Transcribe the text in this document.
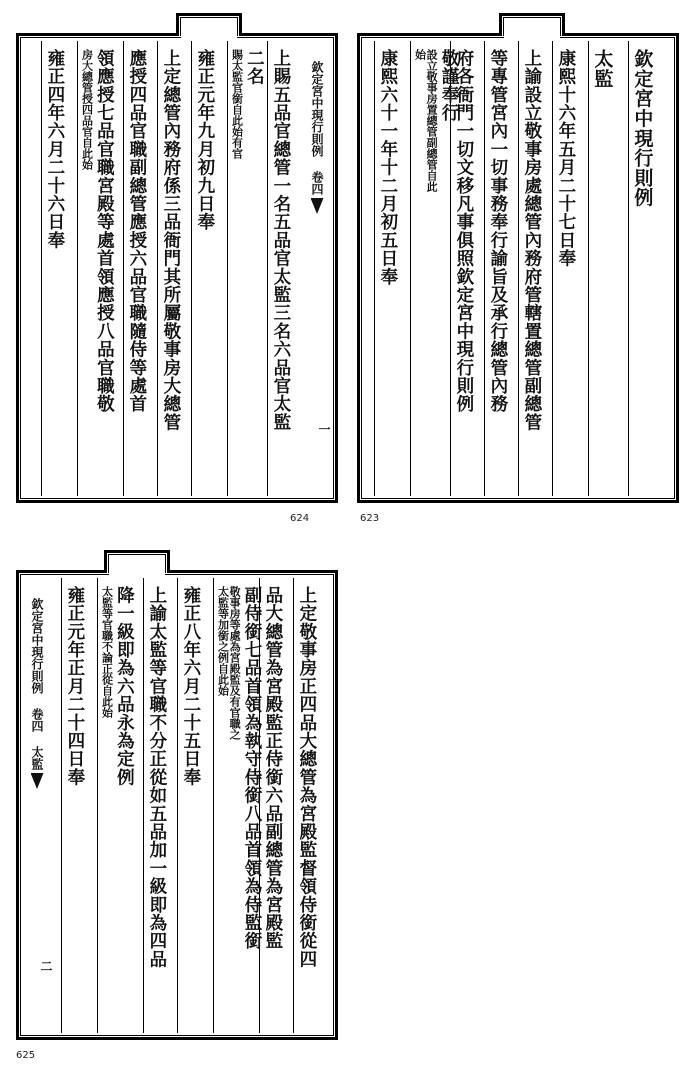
欽定宮中現行則例
太監
康熙十六年五月二十七日奉
上諭設立敬事房處總管內務府管轄置總管副總管
等專管宮內一切事務奉行諭旨及承行總管內務
府各衙門一切文移凡事俱照欽定宮中現行則例
敬謹奉行
設立敬事房置總管副總管自此始
康熙六十一年十二月初五日奉
623
欽定宮中現行則例 卷四
一
上賜五品官總管一名五品官太監三名六品官太監
二名
賜太監官銜自此始有官
雍正元年九月初九日奉
上定總管內務府係三品衙門其所屬敬事房大總管
應授四品官職副總管應授六品官職隨侍等處首
領應授七品官職宮殿等處首領應授八品官職敬
房大總管授四品官自此始
雍正四年六月二十六日奉
624
欽定宮中現行則例 卷四 太監
二	上定敬事房正四品大總管為宮殿監督領侍銜從四
品大總管為宮殿監正侍銜六品副總管為宮殿監
副侍銜七品首領為執守侍銜八品首領為侍監銜
敬事房等處為宮殿監及有官職之太監等加銜之例自此始
雍正八年六月二十五日奉
上諭太監等官職不分正從如五品加一級即為四品
降一級即為六品永為定例
太監等官職不論正從自此始
雍正元年正月二十四日奉
625
